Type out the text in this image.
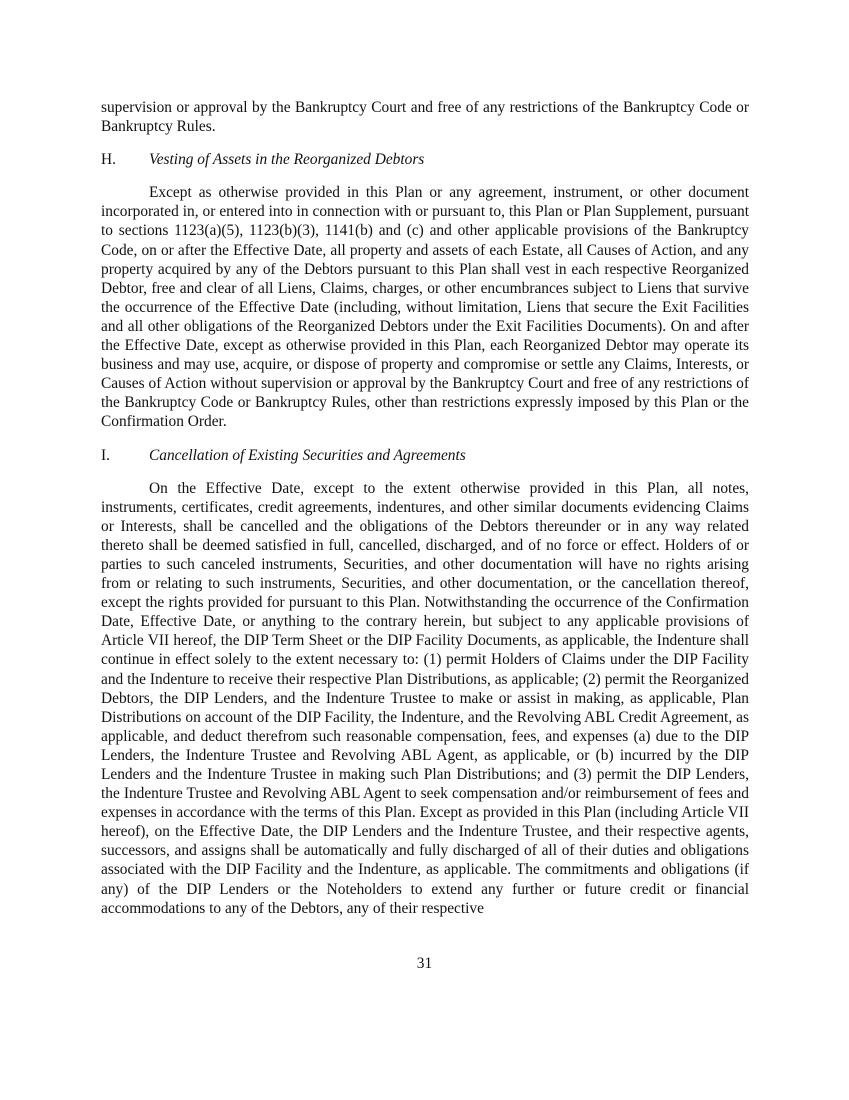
supervision or approval by the Bankruptcy Court and free of any restrictions of the Bankruptcy Code or Bankruptcy Rules.

H.	Vesting of Assets in the Reorganized Debtors

Except as otherwise provided in this Plan or any agreement, instrument, or other document incorporated in, or entered into in connection with or pursuant to, this Plan or Plan Supplement, pursuant to sections 1123(a)(5), 1123(b)(3), 1141(b) and (c) and other applicable provisions of the Bankruptcy Code, on or after the Effective Date, all property and assets of each Estate, all Causes of Action, and any property acquired by any of the Debtors pursuant to this Plan shall vest in each respective Reorganized Debtor, free and clear of all Liens, Claims, charges, or other encumbrances subject to Liens that survive the occurrence of the Effective Date (including, without limitation, Liens that secure the Exit Facilities and all other obligations of the Reorganized Debtors under the Exit Facilities Documents). On and after the Effective Date, except as otherwise provided in this Plan, each Reorganized Debtor may operate its business and may use, acquire, or dispose of property and compromise or settle any Claims, Interests, or Causes of Action without supervision or approval by the Bankruptcy Court and free of any restrictions of the Bankruptcy Code or Bankruptcy Rules, other than restrictions expressly imposed by this Plan or the Confirmation Order.

I.	Cancellation of Existing Securities and Agreements

On the Effective Date, except to the extent otherwise provided in this Plan, all notes, instruments, certificates, credit agreements, indentures, and other similar documents evidencing Claims or Interests, shall be cancelled and the obligations of the Debtors thereunder or in any way related thereto shall be deemed satisfied in full, cancelled, discharged, and of no force or effect. Holders of or parties to such canceled instruments, Securities, and other documentation will have no rights arising from or relating to such instruments, Securities, and other documentation, or the cancellation thereof, except the rights provided for pursuant to this Plan. Notwithstanding the occurrence of the Confirmation Date, Effective Date, or anything to the contrary herein, but subject to any applicable provisions of Article VII hereof, the DIP Term Sheet or the DIP Facility Documents, as applicable, the Indenture shall continue in effect solely to the extent necessary to: (1) permit Holders of Claims under the DIP Facility and the Indenture to receive their respective Plan Distributions, as applicable; (2) permit the Reorganized Debtors, the DIP Lenders, and the Indenture Trustee to make or assist in making, as applicable, Plan Distributions on account of the DIP Facility, the Indenture, and the Revolving ABL Credit Agreement, as applicable, and deduct therefrom such reasonable compensation, fees, and expenses (a) due to the DIP Lenders, the Indenture Trustee and Revolving ABL Agent, as applicable, or (b) incurred by the DIP Lenders and the Indenture Trustee in making such Plan Distributions; and (3) permit the DIP Lenders, the Indenture Trustee and Revolving ABL Agent to seek compensation and/or reimbursement of fees and expenses in accordance with the terms of this Plan. Except as provided in this Plan (including Article VII hereof), on the Effective Date, the DIP Lenders and the Indenture Trustee, and their respective agents, successors, and assigns shall be automatically and fully discharged of all of their duties and obligations associated with the DIP Facility and the Indenture, as applicable. The commitments and obligations (if any) of the DIP Lenders or the Noteholders to extend any further or future credit or financial accommodations to any of the Debtors, any of their respective

31
